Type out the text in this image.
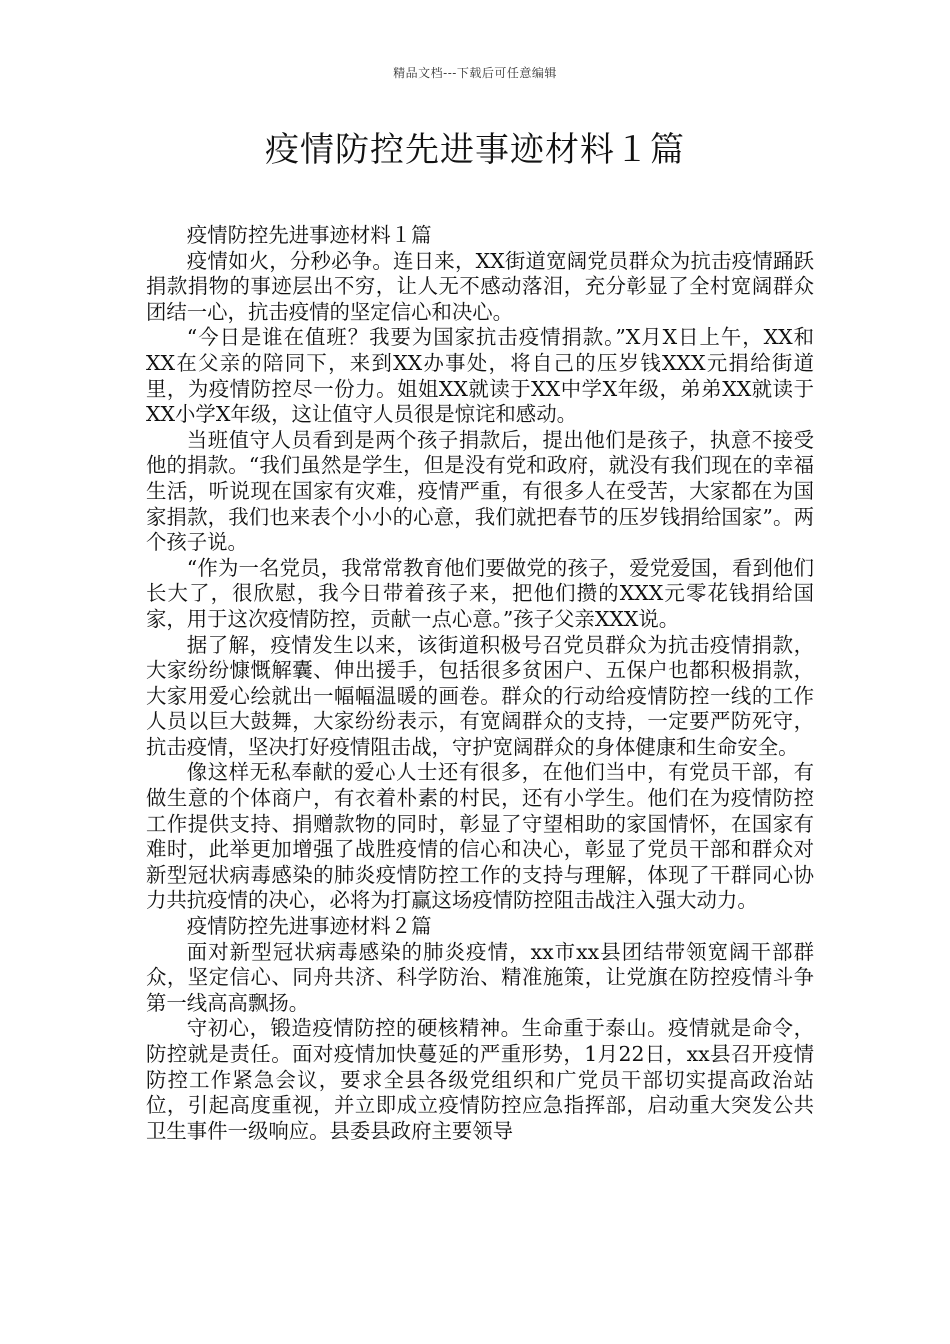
精品文档---下载后可任意编辑
疫情防控先进事迹材料１篇

疫情防控先进事迹材料１篇

疫情如火，分秒必争。连日来，XX街道宽阔党员群众为抗击疫情踊跃捐款捐物的事迹层出不穷，让人无不感动落泪，充分彰显了全村宽阔群众团结一心，抗击疫情的坚定信心和决心。

“今日是谁在值班？我要为国家抗击疫情捐款。”X月X日上午，XX和XX在父亲的陪同下，来到XX办事处，将自己的压岁钱XXX元捐给街道里，为疫情防控尽一份力。姐姐XX就读于XX中学X年级，弟弟XX就读于XX小学X年级，这让值守人员很是惊诧和感动。

当班值守人员看到是两个孩子捐款后，提出他们是孩子，执意不接受他的捐款。“我们虽然是学生，但是没有党和政府，就没有我们现在的幸福生活，听说现在国家有灾难，疫情严重，有很多人在受苦，大家都在为国家捐款，我们也来表个小小的心意，我们就把春节的压岁钱捐给国家”。两个孩子说。

“作为一名党员，我常常教育他们要做党的孩子，爱党爱国，看到他们长大了，很欣慰，我今日带着孩子来，把他们攒的XXX元零花钱捐给国家，用于这次疫情防控，贡献一点心意。”孩子父亲XXX说。

据了解，疫情发生以来，该街道积极号召党员群众为抗击疫情捐款，大家纷纷慷慨解囊、伸出援手，包括很多贫困户、五保户也都积极捐款，大家用爱心绘就出一幅幅温暖的画卷。群众的行动给疫情防控一线的工作人员以巨大鼓舞，大家纷纷表示，有宽阔群众的支持，一定要严防死守，抗击疫情，坚决打好疫情阻击战，守护宽阔群众的身体健康和生命安全。

像这样无私奉献的爱心人士还有很多，在他们当中，有党员干部，有做生意的个体商户，有衣着朴素的村民，还有小学生。他们在为疫情防控工作提供支持、捐赠款物的同时，彰显了守望相助的家国情怀，在国家有难时，此举更加增强了战胜疫情的信心和决心，彰显了党员干部和群众对新型冠状病毒感染的肺炎疫情防控工作的支持与理解，体现了干群同心协力共抗疫情的决心，必将为打赢这场疫情防控阻击战注入强大动力。

疫情防控先进事迹材料２篇

面对新型冠状病毒感染的肺炎疫情，xx市xx县团结带领宽阔干部群众，坚定信心、同舟共济、科学防治、精准施策，让党旗在防控疫情斗争第一线高高飘扬。

守初心，锻造疫情防控的硬核精神。生命重于泰山。疫情就是命令，防控就是责任。面对疫情加快蔓延的严重形势，1月22日，xx县召开疫情防控工作紧急会议，要求全县各级党组织和广党员干部切实提高政治站位，引起高度重视，并立即成立疫情防控应急指挥部，启动重大突发公共卫生事件一级响应。县委县政府主要领导
